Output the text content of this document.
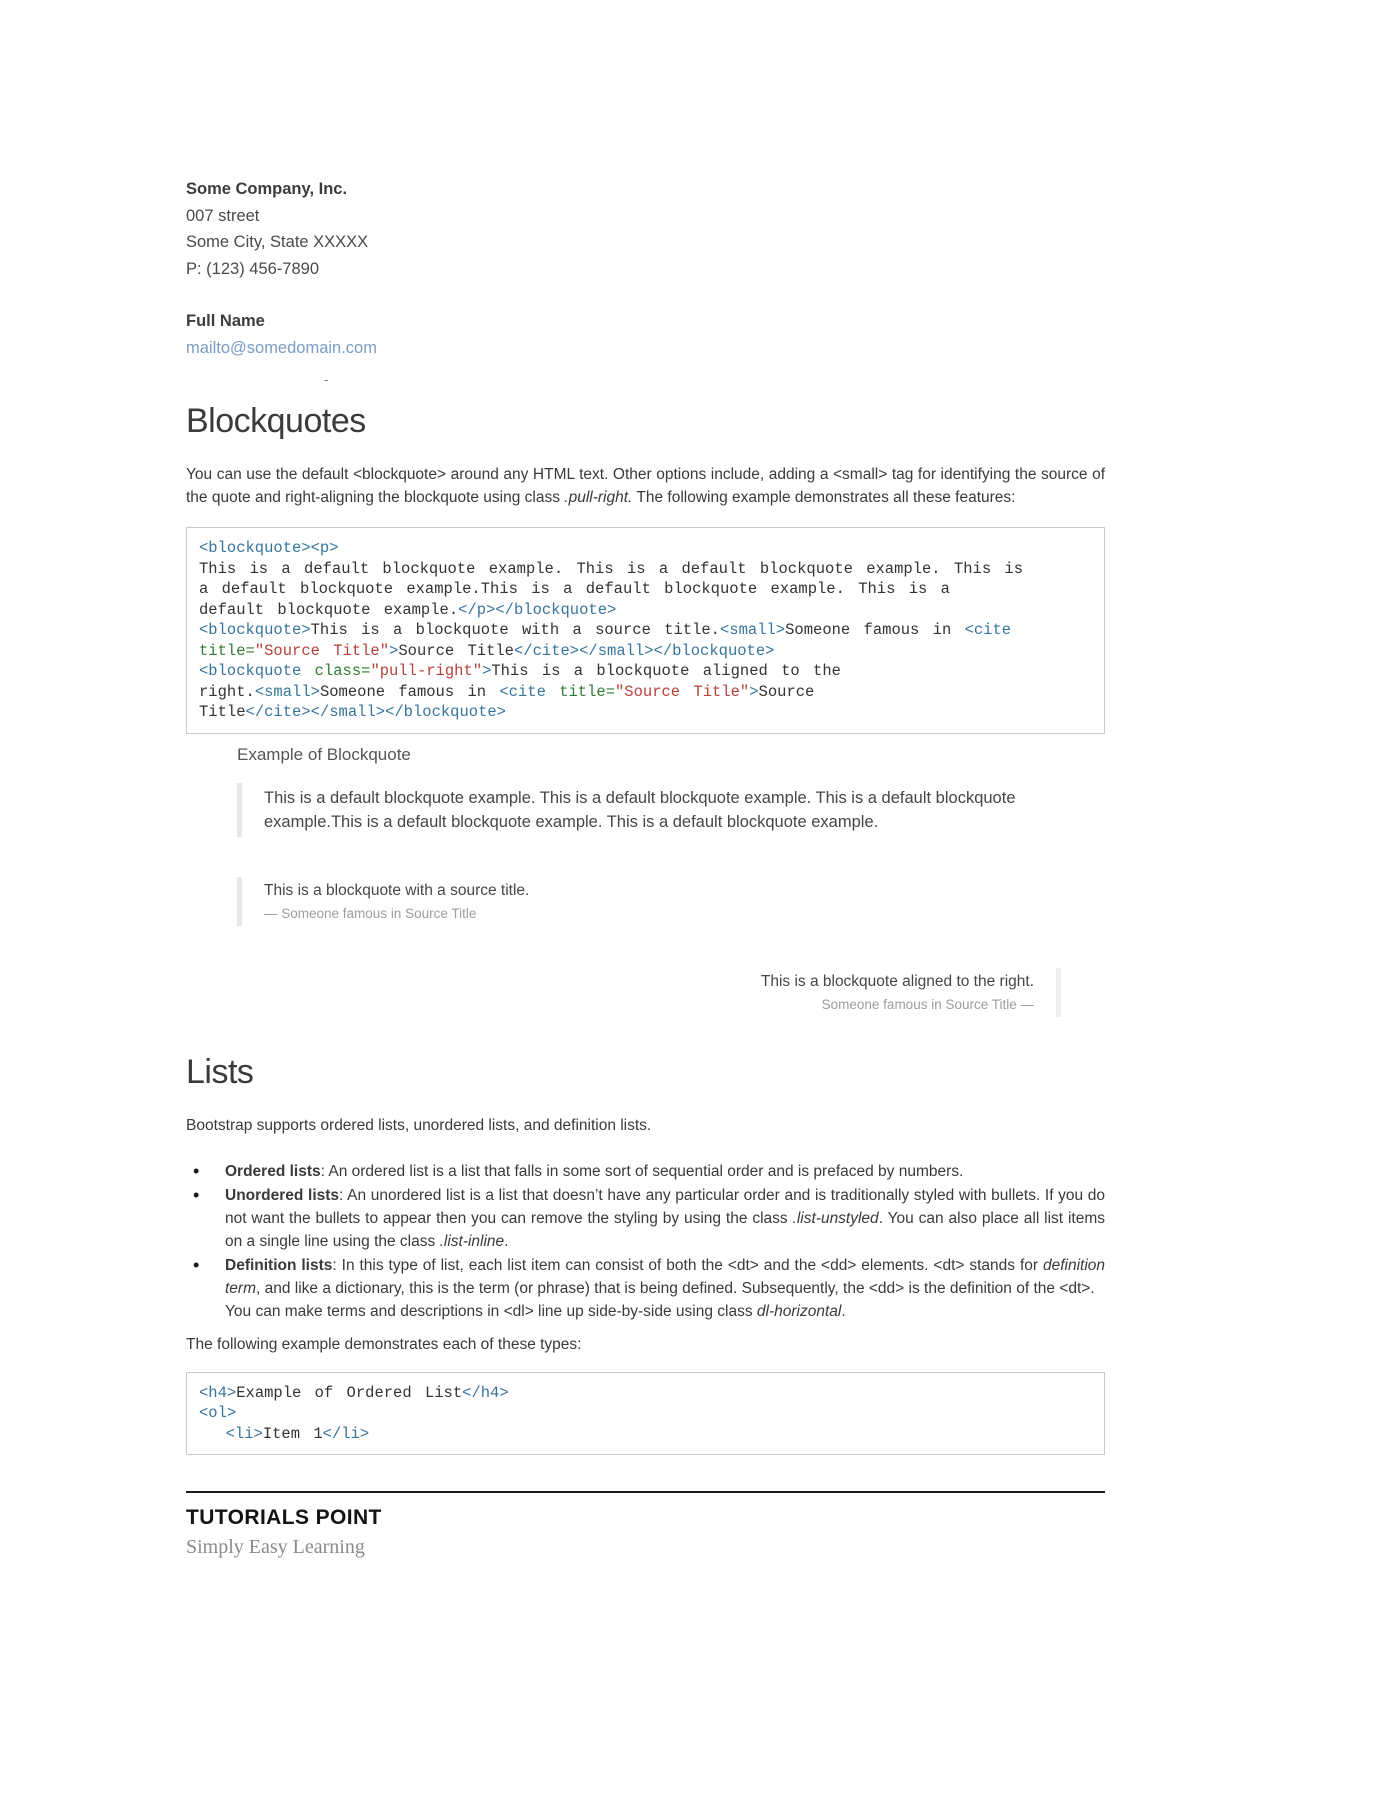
Some Company, Inc.
007 street
Some City, State XXXXX
P: (123) 456-7890
Full Name
mailto@somedomain.com
-
Blockquotes

You can use the default <blockquote> around any HTML text. Other options include, adding a <small> tag for identifying the source of the quote and right-aligning the blockquote using class .pull-right. The following example demonstrates all these features:

<blockquote><p>
This is a default blockquote example. This is a default blockquote example. This is
a default blockquote example.This is a default blockquote example. This is a
default blockquote example.</p></blockquote>
<blockquote>This is a blockquote with a source title.<small>Someone famous in <cite
title="Source Title">Source Title</cite></small></blockquote>
<blockquote class="pull-right">This is a blockquote aligned to the
right.<small>Someone famous in <cite title="Source Title">Source
Title</cite></small></blockquote>
Example of Blockquote
This is a default blockquote example. This is a default blockquote example. This is a default blockquote example.This is a default blockquote example. This is a default blockquote example.
This is a blockquote with a source title.
— Someone famous in Source Title
This is a blockquote aligned to the right.
Someone famous in Source Title —
Lists

Bootstrap supports ordered lists, unordered lists, and definition lists.

• Ordered lists: An ordered list is a list that falls in some sort of sequential order and is prefaced by numbers.
• Unordered lists: An unordered list is a list that doesn’t have any particular order and is traditionally styled with bullets. If you do not want the bullets to appear then you can remove the styling by using the class .list-unstyled. You can also place all list items on a single line using the class .list-inline.
• Definition lists: In this type of list, each list item can consist of both the <dt> and the <dd> elements. <dt> stands for definition term, and like a dictionary, this is the term (or phrase) that is being defined. Subsequently, the <dd> is the definition of the <dt>.
You can make terms and descriptions in <dl> line up side-by-side using class dl-horizontal.

The following example demonstrates each of these types:

<h4>Example of Ordered List</h4>
<ol>
<li>Item 1</li>
TUTORIALS POINT
Simply Easy Learning
